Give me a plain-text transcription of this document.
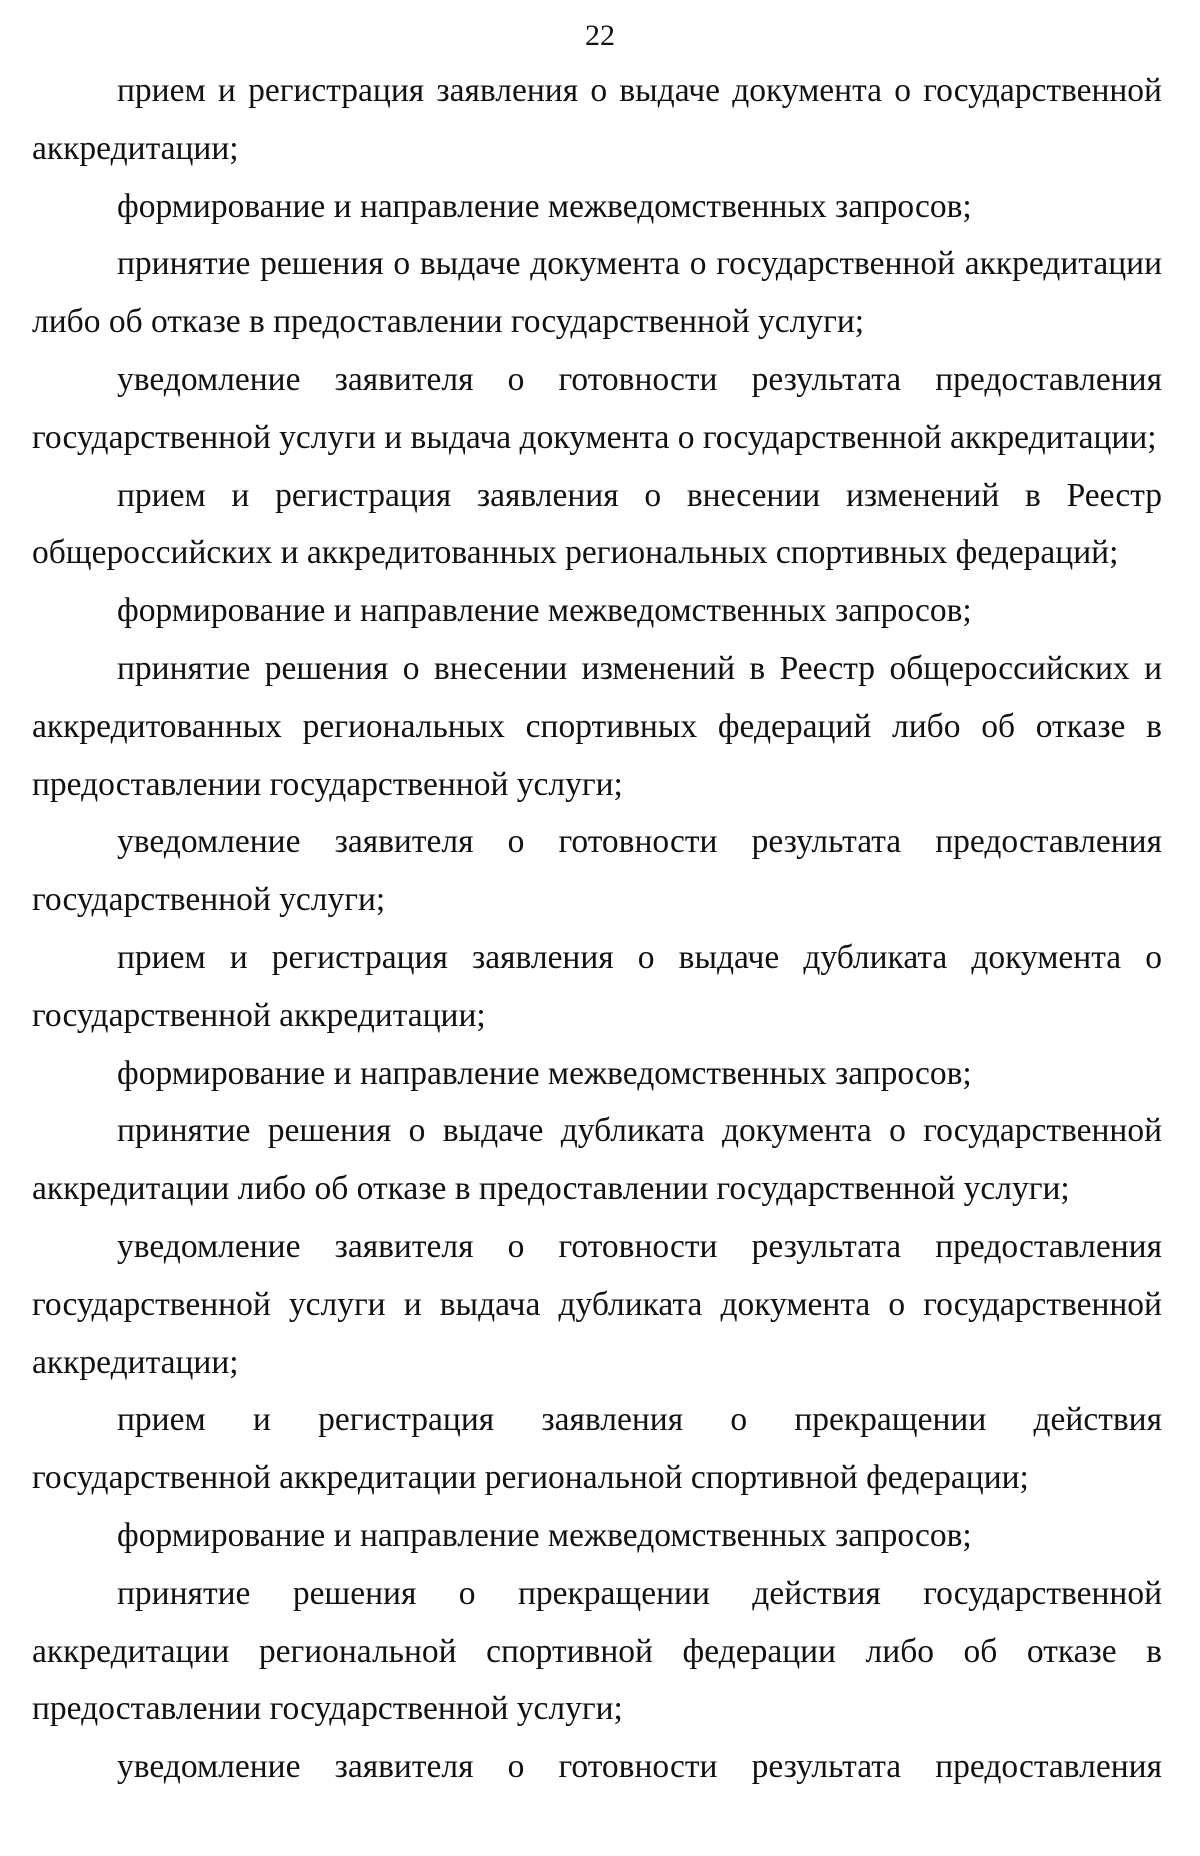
22

прием и регистрация заявления о выдаче документа о государственной аккредитации;

формирование и направление межведомственных запросов;

принятие решения о выдаче документа о государственной аккредитации либо об отказе в предоставлении государственной услуги;

уведомление заявителя о готовности результата предоставления государственной услуги и выдача документа о государственной аккредитации;

прием и регистрация заявления о внесении изменений в Реестр общероссийских и аккредитованных региональных спортивных федераций;

формирование и направление межведомственных запросов;

принятие решения о внесении изменений в Реестр общероссийских и аккредитованных региональных спортивных федераций либо об отказе в предоставлении государственной услуги;

уведомление заявителя о готовности результата предоставления государственной услуги;

прием и регистрация заявления о выдаче дубликата документа о государственной аккредитации;

формирование и направление межведомственных запросов;

принятие решения о выдаче дубликата документа о государственной аккредитации либо об отказе в предоставлении государственной услуги;

уведомление заявителя о готовности результата предоставления государственной услуги и выдача дубликата документа о государственной аккредитации;

прием и регистрация заявления о прекращении действия государственной аккредитации региональной спортивной федерации;

формирование и направление межведомственных запросов;

принятие решения о прекращении действия государственной аккредитации региональной спортивной федерации либо об отказе в предоставлении государственной услуги;

уведомление заявителя о готовности результата предоставления
